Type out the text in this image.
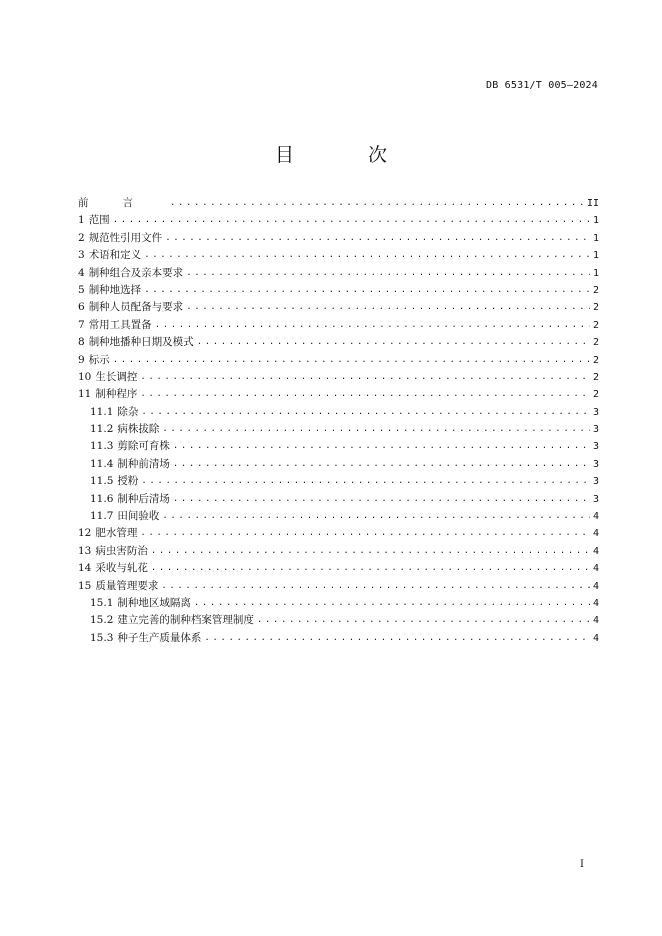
DB 6531/T 005—2024
目 次
前言 .....	II
1 范围 .....	1
2 规范性引用文件 .....	1
3 术语和定义 .....	1
4 制种组合及亲本要求 .....	1
5 制种地选择 .....	2
6 制种人员配备与要求 .....	2
7 常用工具置备 .....	2
8 制种地播种日期及模式 .....	2
9 标示 .....	2
10 生长调控 .....	2
11 制种程序 .....	2
11.1 除杂 .....	3
11.2 病株拔除 .....	3
11.3 剪除可育株 .....	3
11.4 制种前清场 .....	3
11.5 授粉 .....	3
11.6 制种后清场 .....	3
11.7 田间验收 .....	4
12 肥水管理 .....	4
13 病虫害防治 .....	4
14 采收与轧花 .....	4
15 质量管理要求 .....	4
15.1 制种地区域隔离 .....	4
15.2 建立完善的制种档案管理制度 .....	4
15.3 种子生产质量体系 .....	4
I
